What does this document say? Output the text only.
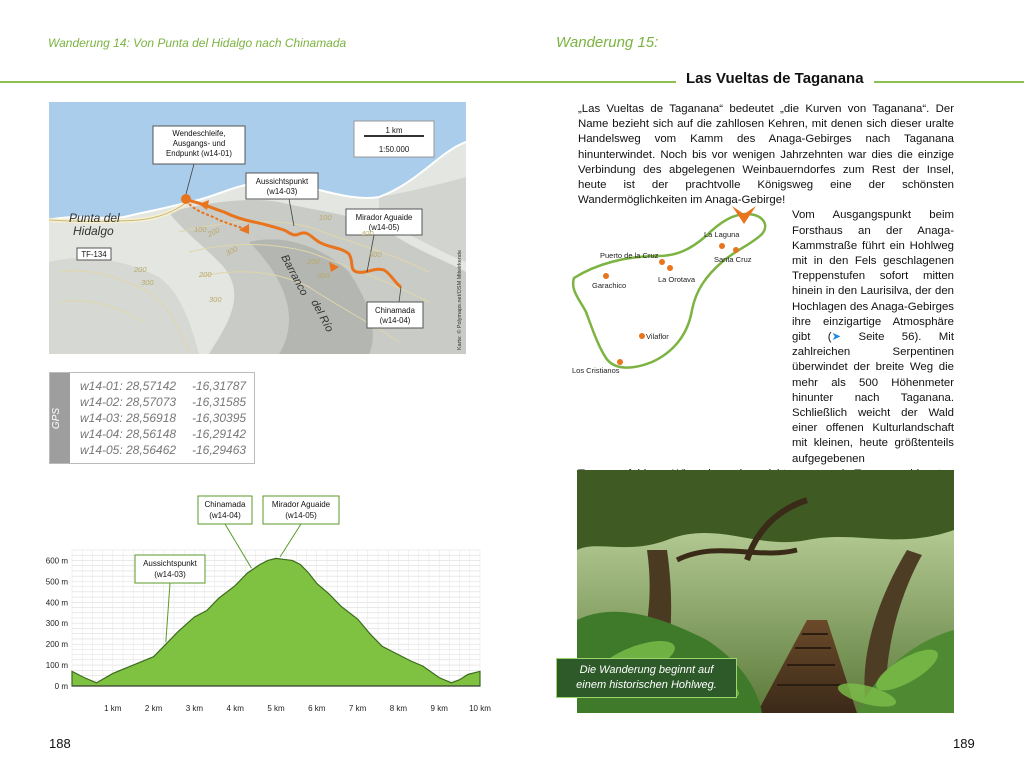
Wanderung 14: Von Punta del Hidalgo nach Chinamada	Wanderung 15:
Las Vueltas de Taganana
Wendeschleife,
Ausgangs- und
Endpunkt (w14-01)
Aussichtspunkt
(w14-03)
Mirador Aguaide
(w14-05)
Chinamada
(w14-04)
1 km
1:50.000
TF-134
Punta del
Hidalgo
Barranco
del Río
100
200
300
400
500
100 200
300
200
300
200
300	Karte: © Polymaps.net/OSM Mitwirkende
GPS
w14-01: 28,57142 -16,31787
w14-02: 28,57073 -16,31585
w14-03: 28,56918 -16,30395
w14-04: 28,56148 -16,29142
w14-05: 28,56462 -16,29463
0 m
100 m
200 m
300 m
400 m
500 m
600 m
1 km	2 km	3 km	4 km	5 km	6 km	7 km	8 km	9 km	10 km
Aussichtspunkt
(w14-03)
Chinamada
(w14-04)
Mirador Aguaide
(w14-05)

„Las Vueltas de Taganana“ bedeutet „die Kurven von Taganana“. Der Name bezieht sich auf die zahllosen Kehren, mit denen sich dieser uralte Handelsweg vom Kamm des Anaga-Gebirges nach Taganana hinunterwindet. Noch bis vor wenigen Jahrzehnten war dies die einzige Verbindung des abgelegenen Weinbauerndorfes zum Rest der Insel, heute ist der prachtvolle Königsweg eine der schönsten Wandermöglichkeiten im Anaga-Gebirge!

Vom Ausgangspunkt beim Forsthaus an der Anaga-Kammstraße führt ein Hohlweg mit in den Fels geschlagenen Treppenstufen sofort mitten hinein in den Laurisilva, der den Hochlagen des Anaga-Gebirges ihre einzigartige Atmosphäre gibt (➤ Seite 56). Mit zahlreichen Serpentinen überwindet der breite Weg die mehr als 500 Höhenmeter hinunter nach Taganana. Schließlich weicht der Wald einer offenen Kulturlandschaft mit kleinen, heute größtenteils aufgegebenen

La Laguna
Santa Cruz
Puerto de la Cruz
La Orotava
Garachico
Vilaflor
Los Cristianos
Die Wanderung beginnt auf
einem historischen Hohlweg.
188	189
